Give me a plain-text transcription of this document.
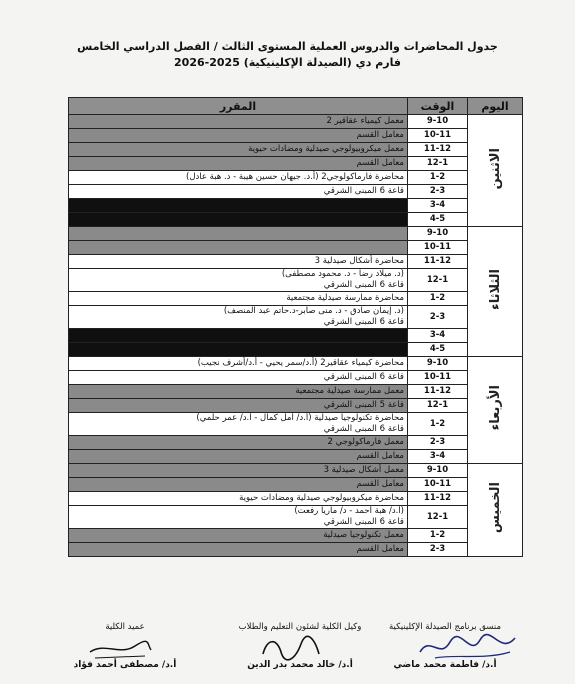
جدول المحاضرات والدروس العملية المستوى الثالث / الفصل الدراسي الخامس
فارم دي (الصيدلة الإكلينيكية) 2025-2026
اليوم	الوقت	المقرر
الاثنين	9-10	معمل كيمياء عقاقير 2

	10-11	معامل القسم

	11-12	معمل ميكروبيولوجي صيدلية ومضادات حيوية

	12-1	معامل القسم

	1-2	محاضرة فارماكولوجي2 (أ.د. جيهان حسين هيبة - د. هبة عادل)

	2-3	قاعة 6 المبنى الشرقي

	3-4	

	4-5	

الثلاثاء	9-10	

	10-11	

	11-12	محاضرة أشكال صيدلية 3

	12-1	(د. ميلاد رضا - د. محمود مصطفى)
قاعة 6 المبنى الشرقي

	1-2	محاضرة ممارسة صيدلية مجتمعية

	2-3	(د. إيمان صادق - د. منى صابر-د.حاتم عبد المنصف)
قاعة 6 المبنى الشرقي

	3-4	

	4-5	

الأربعاء	9-10	محاضرة كيمياء عقاقير2 (أ.د/سمر يحيي - أ.د/أشرف نجيب)

	10-11	قاعة 6 المبنى الشرقي

	11-12	معمل ممارسة صيدلية مجتمعية

	12-1	قاعة 5 المبنى الشرقي

	1-2	محاضرة تكنولوجيا صيدلية (أ.د/ أمل كمال - أ.د/ عمر حلمي)
قاعة 6 المبنى الشرقي

	2-3	معمل فارماكولوجي 2

	3-4	معامل القسم

الخميس	9-10	معمل أشكال صيدلية 3

	10-11	معامل القسم

	11-12	محاضرة ميكروبيولوجي صيدلية ومضادات حيوية

	12-1	(أ.د/ هبة أحمد - د/ ماريا رفعت)
قاعة 6 المبنى الشرقي

	1-2	معمل تكنولوجيا صيدلية

	2-3	معامل القسم
منسق برنامج الصيدلة الإكلينيكية
وكيل الكلية لشئون التعليم والطلاب
عميد الكلية
أ.د/ فاطمة محمد ماضي
أ.د/ خالد محمد بدر الدين
أ.د/ مصطفى أحمد فؤاد
